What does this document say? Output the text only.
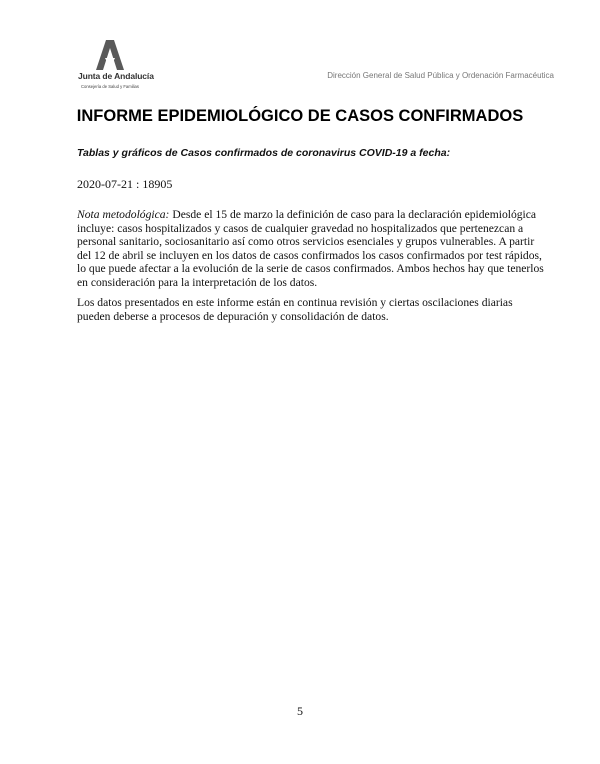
Junta de Andalucía
Consejería de Salud y Familias
Dirección General de Salud Pública y Ordenación Farmacéutica
INFORME EPIDEMIOLÓGICO DE CASOS CONFIRMADOS
Tablas y gráficos de Casos confirmados de coronavirus COVID-19 a fecha:
2020-07-21 : 18905

Nota metodológica: Desde el 15 de marzo la definición de caso para la declaración epidemiológica incluye: casos hospitalizados y casos de cualquier gravedad no hospitalizados que pertenezcan a personal sanitario, sociosanitario así como otros servicios esenciales y grupos vulnerables. A partir del 12 de abril se incluyen en los datos de casos confirmados los casos confirmados por test rápidos, lo que puede afectar a la evolución de la serie de casos confirmados. Ambos hechos hay que tenerlos en consideración para la interpretación de los datos.

Los datos presentados en este informe están en continua revisión y ciertas oscilaciones diarias pueden deberse a procesos de depuración y consolidación de datos.

5
